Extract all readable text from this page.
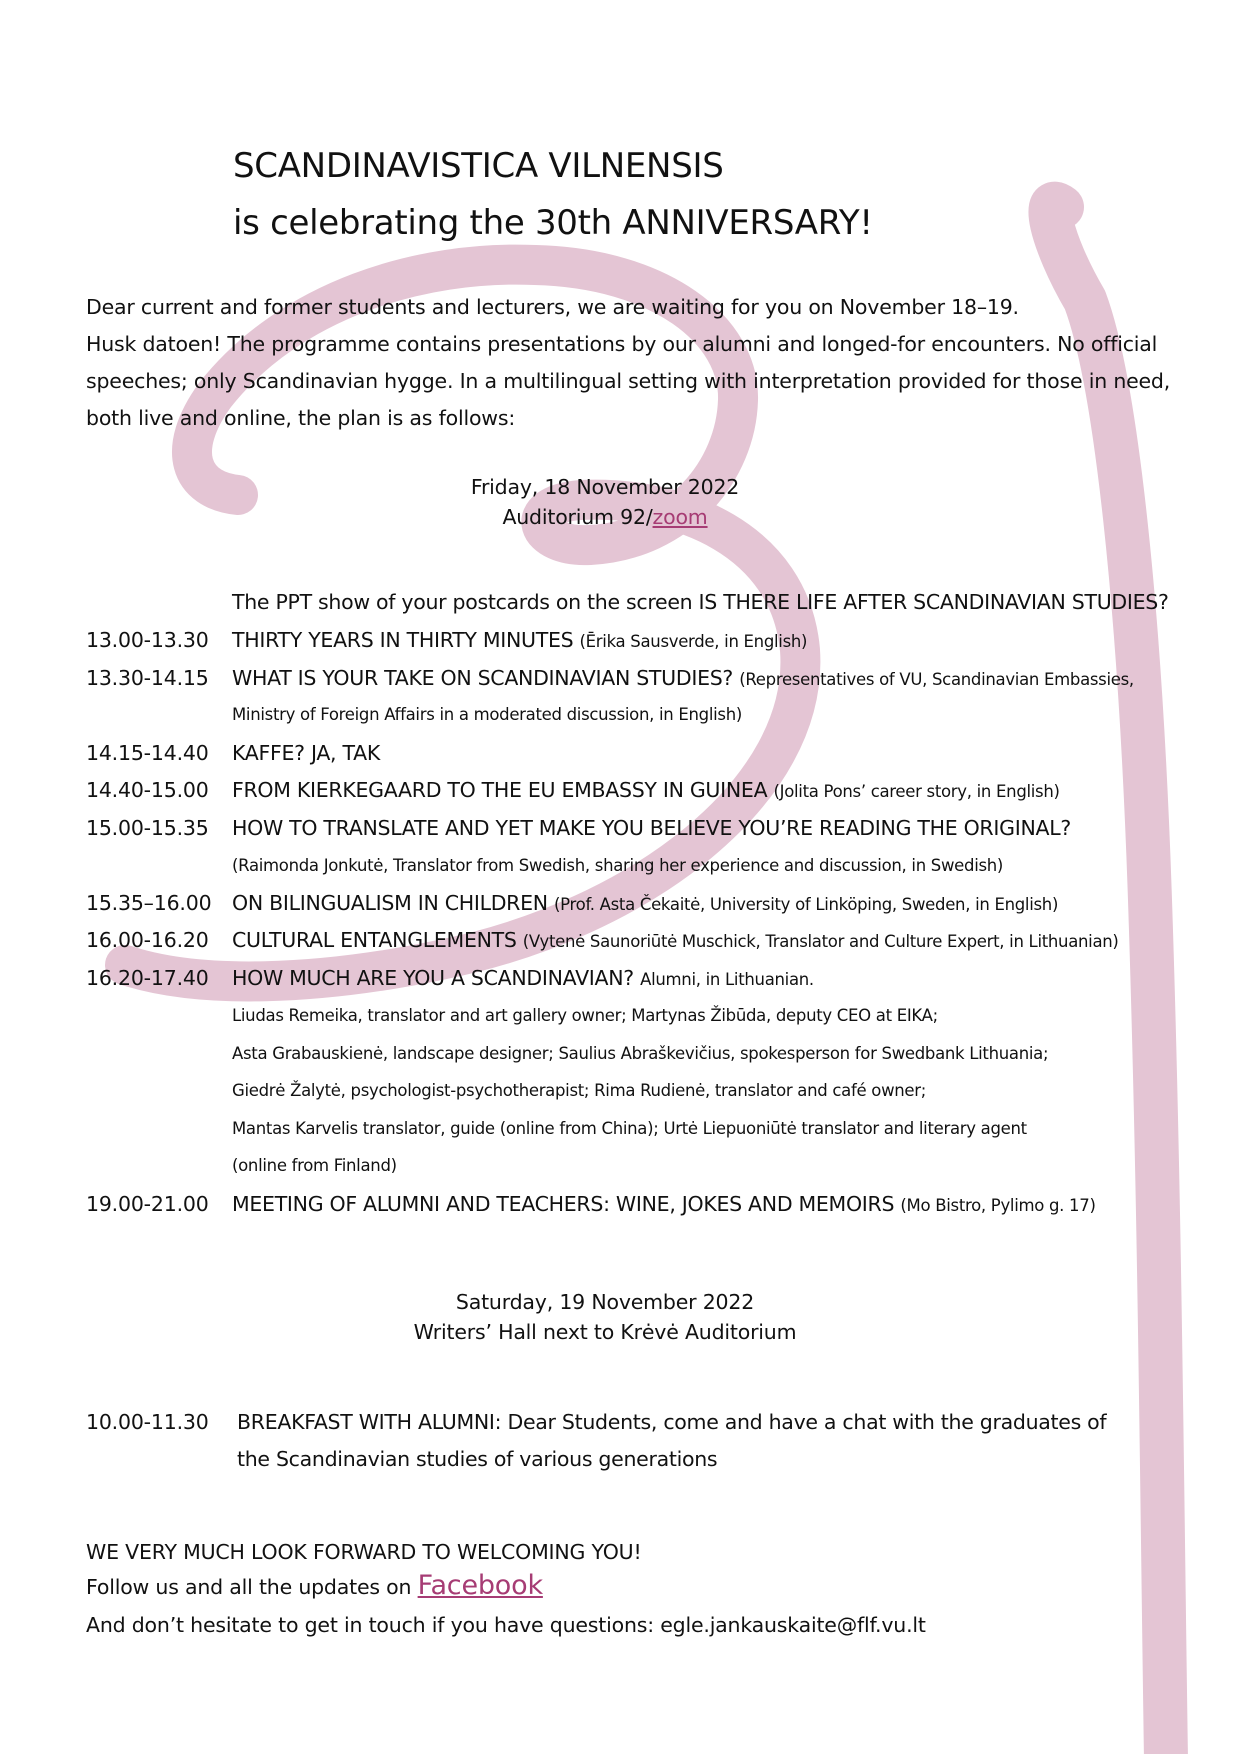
SCANDINAVISTICA VILNENSIS
is celebrating the 30th ANNIVERSARY!
Dear current and former students and lecturers, we are waiting for you on November 18–19.
Husk datoen! The programme contains presentations by our alumni and longed-for encounters. No official
speeches; only Scandinavian hygge. In a multilingual setting with interpretation provided for those in need,
both live and online, the plan is as follows:
Friday, 18 November 2022
Auditorium 92/zoom
The PPT show of your postcards on the screen IS THERE LIFE AFTER SCANDINAVIAN STUDIES?
13.00-13.30 THIRTY YEARS IN THIRTY MINUTES (Ērika Sausverde, in English)
13.30-14.15 WHAT IS YOUR TAKE ON SCANDINAVIAN STUDIES? (Representatives of VU, Scandinavian Embassies,
Ministry of Foreign Affairs in a moderated discussion, in English)
14.15-14.40 KAFFE? JA, TAK
14.40-15.00 FROM KIERKEGAARD TO THE EU EMBASSY IN GUINEA (Jolita Pons’ career story, in English)
15.00-15.35 HOW TO TRANSLATE AND YET MAKE YOU BELIEVE YOU’RE READING THE ORIGINAL?
(Raimonda Jonkutė, Translator from Swedish, sharing her experience and discussion, in Swedish)
15.35–16.00 ON BILINGUALISM IN CHILDREN (Prof. Asta Čekaitė, University of Linköping, Sweden, in English)
16.00-16.20 CULTURAL ENTANGLEMENTS (Vytenė Saunoriūtė Muschick, Translator and Culture Expert, in Lithuanian)
16.20-17.40 HOW MUCH ARE YOU A SCANDINAVIAN? Alumni, in Lithuanian.
Liudas Remeika, translator and art gallery owner; Martynas Žibūda, deputy CEO at EIKA;
Asta Grabauskienė, landscape designer; Saulius Abraškevičius, spokesperson for Swedbank Lithuania;
Giedrė Žalytė, psychologist-psychotherapist; Rima Rudienė, translator and café owner;
Mantas Karvelis translator, guide (online from China); Urtė Liepuoniūtė translator and literary agent
(online from Finland)
19.00-21.00 MEETING OF ALUMNI AND TEACHERS: WINE, JOKES AND MEMOIRS (Mo Bistro, Pylimo g. 17)
Saturday, 19 November 2022
Writers’ Hall next to Krėvė Auditorium
10.00-11.30 BREAKFAST WITH ALUMNI: Dear Students, come and have a chat with the graduates of
the Scandinavian studies of various generations
WE VERY MUCH LOOK FORWARD TO WELCOMING YOU!
Follow us and all the updates on Facebook
And don’t hesitate to get in touch if you have questions: egle.jankauskaite@flf.vu.lt
